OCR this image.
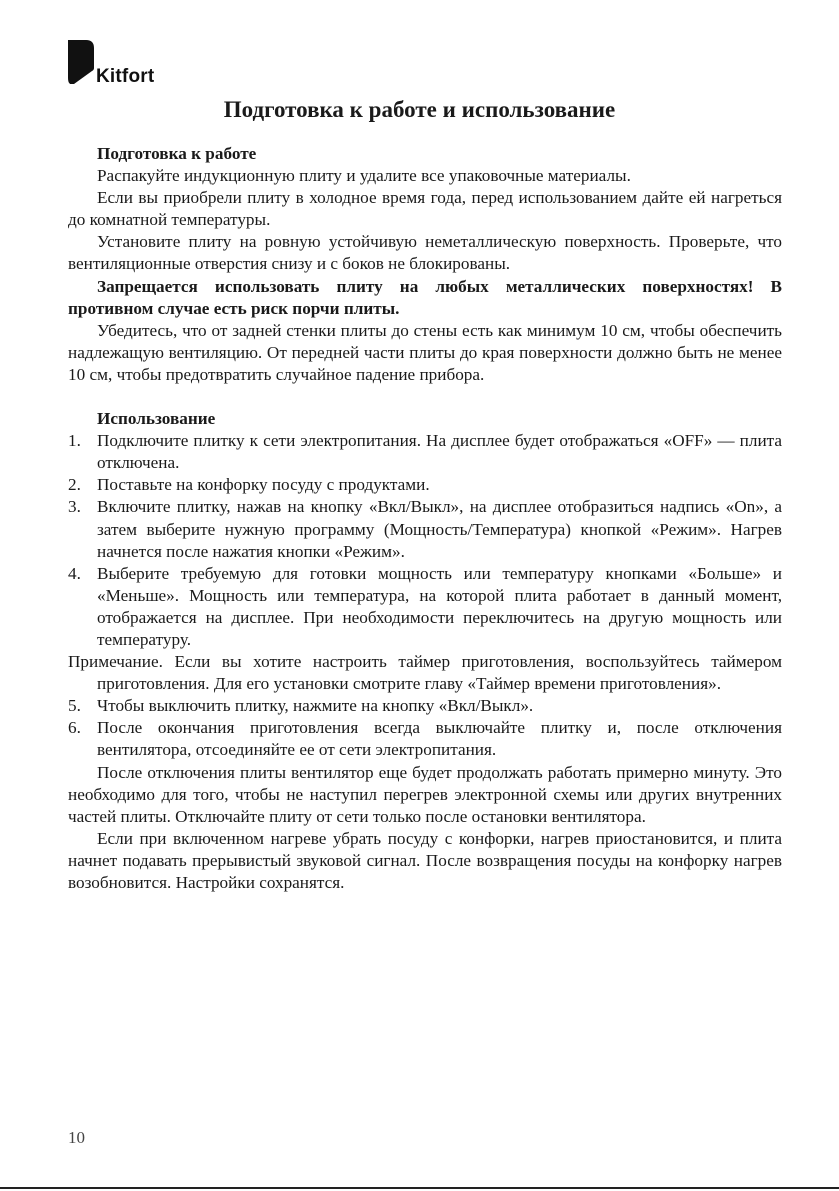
Kitfort
Подготовка к работе и использование

Подготовка к работе

Распакуйте индукционную плиту и удалите все упаковочные материалы.

Если вы приобрели плиту в холодное время года, перед использованием дайте ей нагреться до комнатной температуры.

Установите плиту на ровную устойчивую неметаллическую поверхность. Проверьте, что вентиляционные отверстия снизу и с боков не блокированы.

Запрещается использовать плиту на любых металлических поверхностях! В противном случае есть риск порчи плиты.

Убедитесь, что от задней стенки плиты до стены есть как минимум 10 см, чтобы обеспечить надлежащую вентиляцию. От передней части плиты до края поверхности должно быть не менее 10 см, чтобы предотвратить случайное падение прибора.

Использование

1. Подключите плитку к сети электропитания. На дисплее будет отображаться «OFF» — плита отключена.
2. Поставьте на конфорку посуду с продуктами.
3. Включите плитку, нажав на кнопку «Вкл/Выкл», на дисплее отобразиться надпись «On», а затем выберите нужную программу (Мощность/Температура) кнопкой «Режим». Нагрев начнется после нажатия кнопки «Режим».
4. Выберите требуемую для готовки мощность или температуру кнопками «Больше» и «Меньше». Мощность или температура, на которой плита работает в данный момент, отображается на дисплее. При необходимости переключитесь на другую мощность или температуру.

Примечание. Если вы хотите настроить таймер приготовления, воспользуйтесь таймером приготовления. Для его установки смотрите главу «Таймер времени приготовления».

5. Чтобы выключить плитку, нажмите на кнопку «Вкл/Выкл».
6. После окончания приготовления всегда выключайте плитку и, после отключения вентилятора, отсоединяйте ее от сети электропитания.

После отключения плиты вентилятор еще будет продолжать работать примерно минуту. Это необходимо для того, чтобы не наступил перегрев электронной схемы или других внутренних частей плиты. Отключайте плиту от сети только после остановки вентилятора.

Если при включенном нагреве убрать посуду с конфорки, нагрев приостановится, и плита начнет подавать прерывистый звуковой сигнал. После возвращения посуды на конфорку нагрев возобновится. Настройки сохранятся.

10
